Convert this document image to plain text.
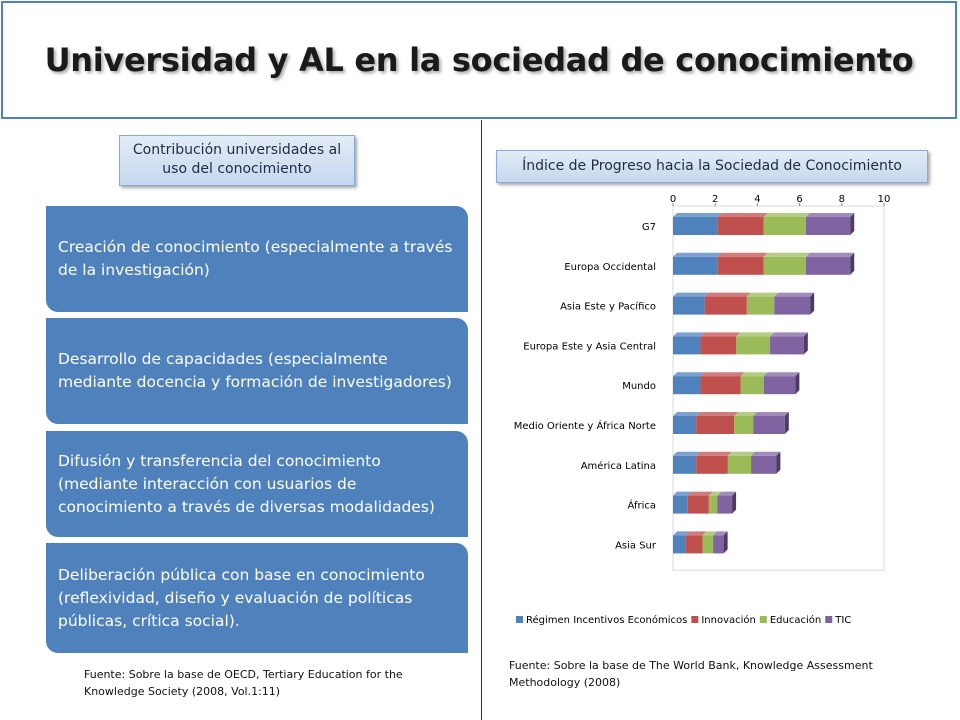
Universidad y AL en la sociedad de conocimiento
Contribución universidades al uso del conocimiento
Creación de conocimiento (especialmente a través de la investigación)
Desarrollo de capacidades (especialmente mediante docencia y formación de investigadores)
Difusión y transferencia del conocimiento (mediante interacción con usuarios de conocimiento a través de diversas modalidades)
Deliberación pública con base en conocimiento (reflexividad, diseño y evaluación de políticas públicas, crítica social).
Fuente: Sobre la base de OECD, Tertiary Education for the Knowledge Society (2008, Vol.1:11)
Índice de Progreso hacia la Sociedad de Conocimiento
0	2	4	6	8	10
G7
Europa Occidental
Asia Este y Pacífico
Europa Este y Asia Central
Mundo
Medio Oriente y África Norte
América Latina
África
Asia Sur
Régimen Incentivos Económicos Innovación Educación TIC
Fuente: Sobre la base de The World Bank, Knowledge Assessment Methodology (2008)
